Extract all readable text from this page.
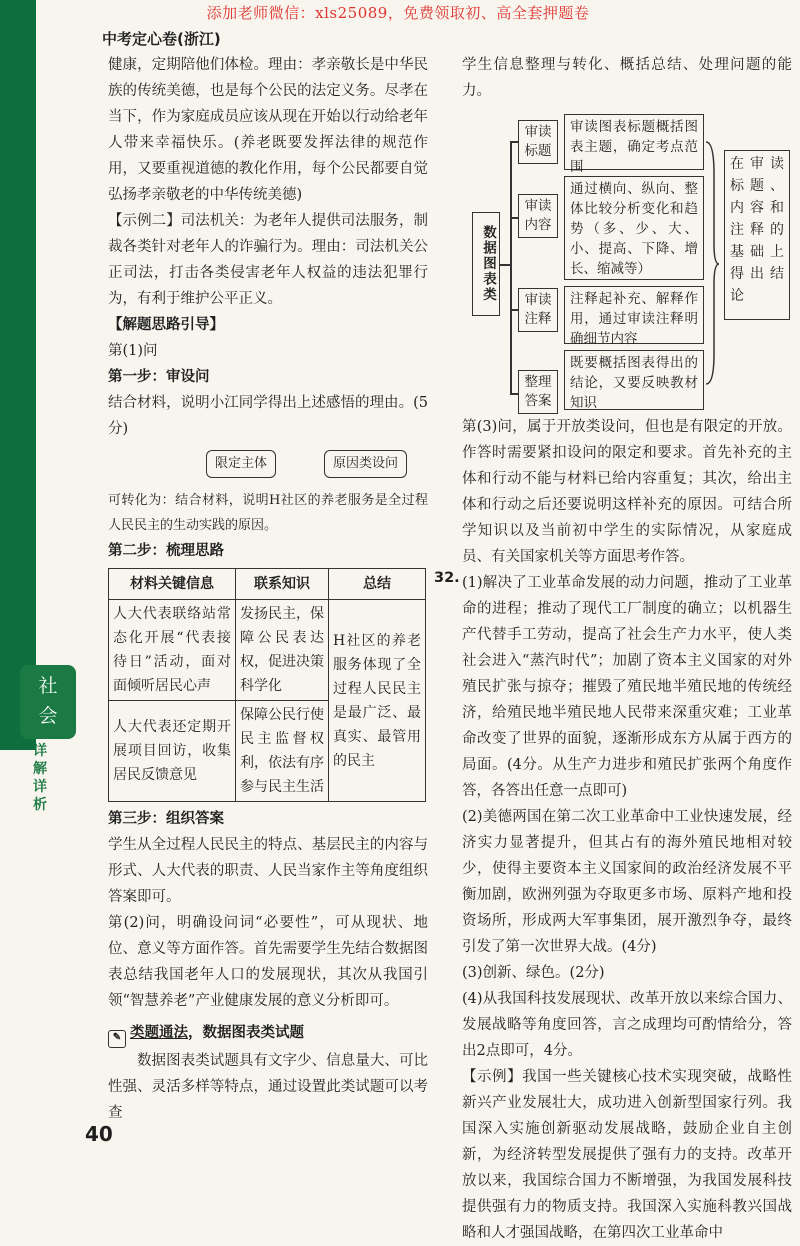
社
会
详
解
详
析
添加老师微信：xls25089，免费领取初、高全套押题卷
中考定心卷(浙江)

健康，定期陪他们体检。理由：孝亲敬长是中华民族的传统美德，也是每个公民的法定义务。尽孝在当下，作为家庭成员应该从现在开始以行动给老年人带来幸福快乐。(养老既要发挥法律的规范作用，又要重视道德的教化作用，每个公民都要自觉弘扬孝亲敬老的中华传统美德)

【示例二】司法机关：为老年人提供司法服务，制裁各类针对老年人的诈骗行为。理由：司法机关公正司法，打击各类侵害老年人权益的违法犯罪行为，有利于维护公平正义。

【解题思路引导】

第(1)问

第一步：审设问

结合材料，说明小江同学得出上述感悟的理由。(5分)

限定主体	原因类设问

可转化为：结合材料，说明H社区的养老服务是全过程人民民主的生动实践的原因。

第二步：梳理思路

材料关键信息	联系知识	总结
人大代表联络站常态化开展“代表接待日”活动，面对面倾听居民心声	发扬民主，保障公民表达权，促进决策科学化	H社区的养老服务体现了全过程人民民主是最广泛、最真实、最管用的民主
人大代表还定期开展项目回访，收集居民反馈意见	保障公民行使民主监督权利，依法有序参与民主生活	

第三步：组织答案

学生从全过程人民民主的特点、基层民主的内容与形式、人大代表的职责、人民当家作主等角度组织答案即可。

第(2)问，明确设问词“必要性”，可从现状、地位、意义等方面作答。首先需要学生先结合数据图表总结我国老年人口的发展现状，其次从我国引领“智慧养老”产业健康发展的意义分析即可。

✎ 类题通法，数据图表类试题

数据图表类试题具有文字少、信息量大、可比性强、灵活多样等特点，通过设置此类试题可以考查

学生信息整理与转化、概括总结、处理问题的能力。

数据图表类
审读标题
审读图表标题概括图表主题，确定考点范围
审读内容
通过横向、纵向、整体比较分析变化和趋势（多、少、大、小、提高、下降、增长、缩减等）
审读注释
注释起补充、解释作用，通过审读注释明确细节内容
整理答案
既要概括图表得出的结论，又要反映教材知识
在审读标题、内容和注释的基础上得出结论

第(3)问，属于开放类设问，但也是有限定的开放。作答时需要紧扣设问的限定和要求。首先补充的主体和行动不能与材料已给内容重复；其次，给出主体和行动之后还要说明这样补充的原因。可结合所学知识以及当前初中学生的实际情况，从家庭成员、有关国家机关等方面思考作答。

32. (1)解决了工业革命发展的动力问题，推动了工业革命的进程；推动了现代工厂制度的确立；以机器生产代替手工劳动，提高了社会生产力水平，使人类社会进入“蒸汽时代”；加剧了资本主义国家的对外殖民扩张与掠夺；摧毁了殖民地半殖民地的传统经济，给殖民地半殖民地人民带来深重灾难；工业革命改变了世界的面貌，逐渐形成东方从属于西方的局面。(4分。从生产力进步和殖民扩张两个角度作答，各答出任意一点即可)

(2)美德两国在第二次工业革命中工业快速发展，经济实力显著提升，但其占有的海外殖民地相对较少，使得主要资本主义国家间的政治经济发展不平衡加剧，欧洲列强为夺取更多市场、原料产地和投资场所，形成两大军事集团，展开激烈争夺，最终引发了第一次世界大战。(4分)

(3)创新、绿色。(2分)

(4)从我国科技发展现状、改革开放以来综合国力、发展战略等角度回答，言之成理均可酌情给分，答出2点即可，4分。

【示例】我国一些关键核心技术实现突破，战略性新兴产业发展壮大，成功进入创新型国家行列。我国深入实施创新驱动发展战略，鼓励企业自主创新，为经济转型发展提供了强有力的支持。改革开放以来，我国综合国力不断增强，为我国发展科技提供强有力的物质支持。我国深入实施科教兴国战略和人才强国战略，在第四次工业革命中

40
